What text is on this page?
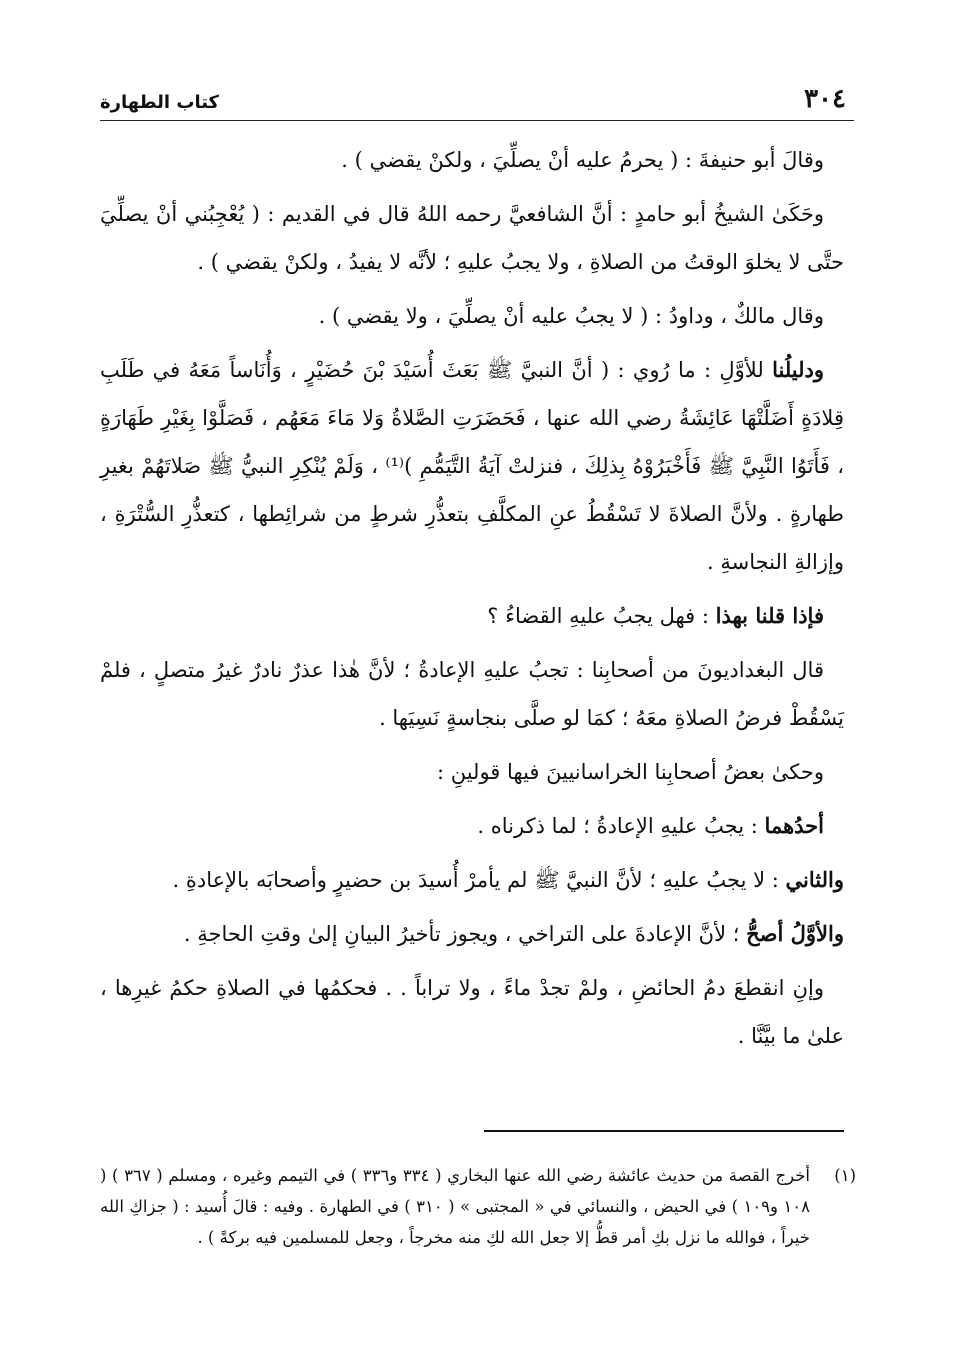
٣٠٤
كتاب الطهارة

وقالَ أبو حنيفةَ : ( يحرمُ عليه أنْ يصلِّيَ ، ولكنْ يقضي ) .

وحَكَىٰ الشيخُ أبو حامدٍ : أنَّ الشافعيَّ رحمه اللهُ قال في القديم : ( يُعْجِبُني أنْ يصلِّيَ حتَّى لا يخلوَ الوقتُ من الصلاةِ ، ولا يجبُ عليهِ ؛ لأنَّه لا يفيدُ ، ولكنْ يقضي ) .

وقال مالكٌ ، وداودُ : ( لا يجبُ عليه أنْ يصلِّيَ ، ولا يقضي ) .

ودليلُنا للأوَّلِ : ما رُوي : ( أنَّ النبيَّ ﷺ بَعَثَ أُسَيْدَ بْنَ حُضَيْرٍ ، وَأُنَاساً مَعَهُ في طَلَبِ قِلادَةٍ أَضَلَّتْهَا عَائِشَةُ رضي الله عنها ، فَحَضَرَتِ الصَّلاةُ وَلا مَاءَ مَعَهُم ، فَصَلَّوْا بِغَيْرِ طَهَارَةٍ ، فَأَتَوُا النَّبِيَّ ﷺ فَأَخْبَرُوْهُ بِذلِكَ ، فنزلتْ آيَةُ التَّيَمُّمِ )⁽¹⁾ ، وَلَمْ يُنْكِرِ النبيُّ ﷺ صَلاتَهُمْ بغيرِ طهارةٍ . ولأنَّ الصلاةَ لا تَسْقُطُ عنِ المكلَّفِ بتعذُّرِ شرطٍ من شرائِطها ، كتعذُّرِ السُّتْرَةِ ، وإزالةِ النجاسةِ .

فإذا قلنا بهذا : فهل يجبُ عليهِ القضاءُ ؟

قال البغداديونَ من أصحابِنا : تجبُ عليهِ الإعادةُ ؛ لأنَّ هٰذا عذرٌ نادرٌ غيرُ متصلٍ ، فلمْ يَسْقُطْ فرضُ الصلاةِ معَهُ ؛ كمَا لو صلَّى بنجاسةٍ نَسِيَها .

وحكىٰ بعضُ أصحابِنا الخراسانيينَ فيها قولينِ :

أحدُهما : يجبُ عليهِ الإعادةُ ؛ لما ذكرناه .

والثاني : لا يجبُ عليهِ ؛ لأنَّ النبيَّ ﷺ لم يأمرْ أُسيدَ بن حضيرٍ وأصحابَه بالإعادةِ .

والأوَّلُ أصحُّ ؛ لأنَّ الإعادةَ على التراخي ، ويجوز تأخيرُ البيانِ إلىٰ وقتِ الحاجةِ .

وإنِ انقطعَ دمُ الحائضِ ، ولمْ تجدْ ماءً ، ولا تراباً . . فحكمُها في الصلاةِ حكمُ غيرِها ، علىٰ ما بيَّنَّا .

(١)
أخرج القصة من حديث عائشة رضي الله عنها البخاري ( ٣٣٤ و٣٣٦ ) في التيمم وغيره ، ومسلم ( ٣٦٧ ) ( ١٠٨ و١٠٩ ) في الحيض ، والنسائي في « المجتبى » ( ٣١٠ ) في الطهارة . وفيه : قالَ أُسيد : ( جزاكِ الله خيراً ، فوالله ما نزل بكِ أمر قطُّ إلا جعل الله لكِ منه مخرجاً ، وجعل للمسلمين فيه بركةً ) .
